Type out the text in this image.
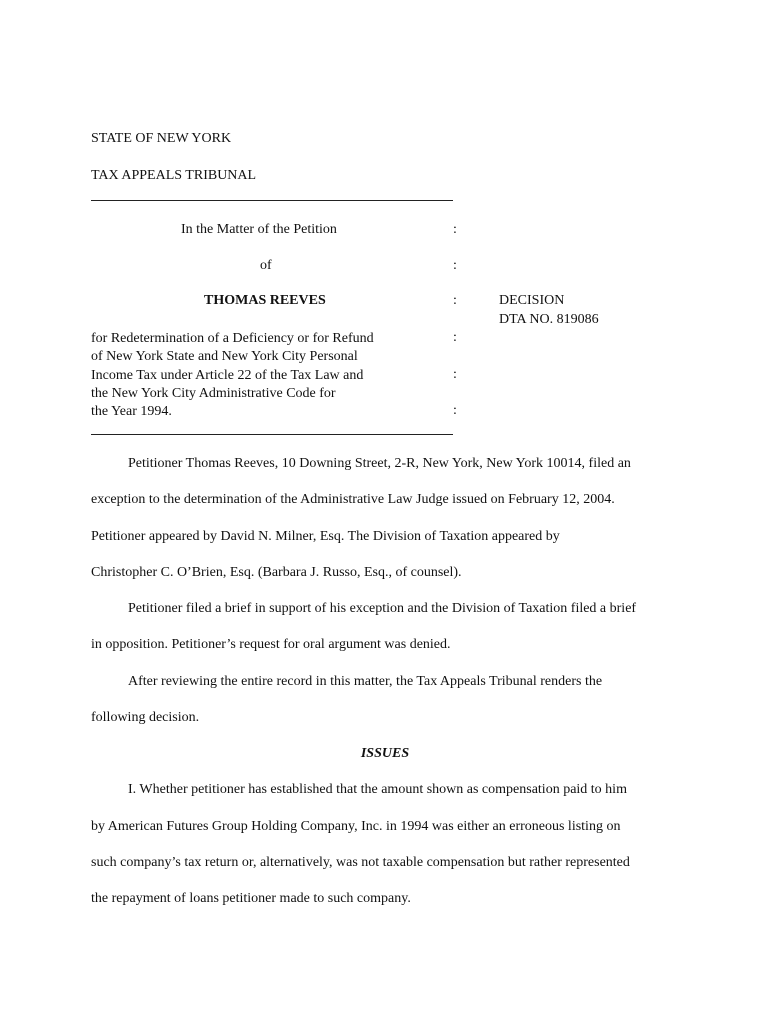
STATE OF NEW YORK
TAX APPEALS TRIBUNAL
In the Matter of the Petition	:
of	:
THOMAS REEVES	:	DECISION
DTA NO. 819086
for Redetermination of a Deficiency or for Refund
of New York State and New York City Personal
Income Tax under Article 22 of the Tax Law and
the New York City Administrative Code for
the Year 1994.
:
:
:
Petitioner Thomas Reeves, 10 Downing Street, 2-R, New York, New York 10014, filed an
exception to the determination of the Administrative Law Judge issued on February 12, 2004.
Petitioner appeared by David N. Milner, Esq. The Division of Taxation appeared by
Christopher C. O’Brien, Esq. (Barbara J. Russo, Esq., of counsel).
Petitioner filed a brief in support of his exception and the Division of Taxation filed a brief
in opposition. Petitioner’s request for oral argument was denied.
After reviewing the entire record in this matter, the Tax Appeals Tribunal renders the
following decision.
ISSUES
I. Whether petitioner has established that the amount shown as compensation paid to him
by American Futures Group Holding Company, Inc. in 1994 was either an erroneous listing on
such company’s tax return or, alternatively, was not taxable compensation but rather represented
the repayment of loans petitioner made to such company.
